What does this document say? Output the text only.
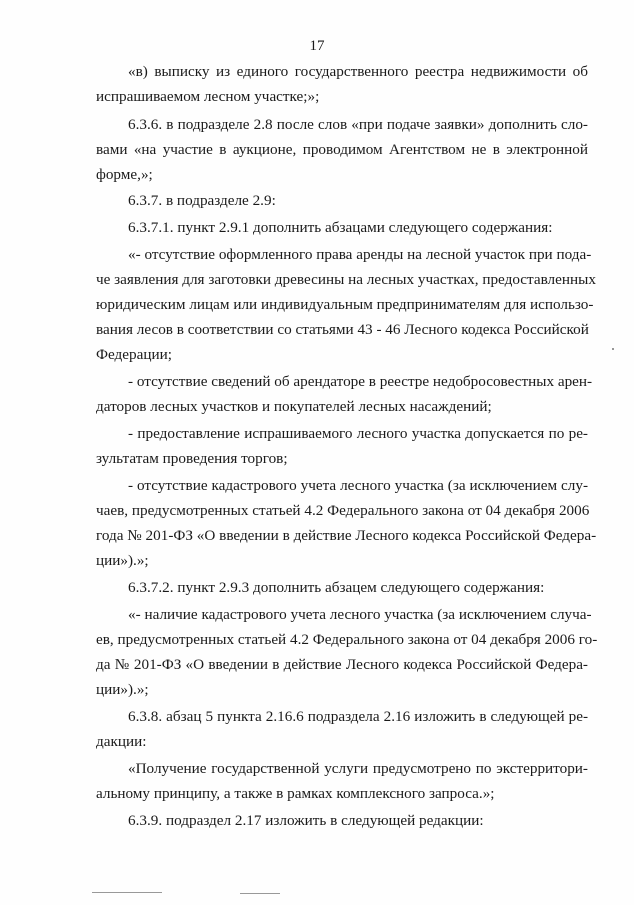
17
«в) выписку из единого государственного реестра недвижимости об
испрашиваемом лесном участке;»;
6.3.6. в подразделе 2.8 после слов «при подаче заявки» дополнить сло-
вами «на участие в аукционе, проводимом Агентством не в электронной
форме,»;
6.3.7. в подразделе 2.9:
6.3.7.1. пункт 2.9.1 дополнить абзацами следующего содержания:
«- отсутствие оформленного права аренды на лесной участок при пода-
че заявления для заготовки древесины на лесных участках, предоставленных
юридическим лицам или индивидуальным предпринимателям для использо-
вания лесов в соответствии со статьями 43 - 46 Лесного кодекса Российской
Федерации;
- отсутствие сведений об арендаторе в реестре недобросовестных арен-
даторов лесных участков и покупателей лесных насаждений;
- предоставление испрашиваемого лесного участка допускается по ре-
зультатам проведения торгов;
- отсутствие кадастрового учета лесного участка (за исключением слу-
чаев, предусмотренных статьей 4.2 Федерального закона от 04 декабря 2006
года № 201-ФЗ «О введении в действие Лесного кодекса Российской Федера-
ции»).»;
6.3.7.2. пункт 2.9.3 дополнить абзацем следующего содержания:
«- наличие кадастрового учета лесного участка (за исключением случа-
ев, предусмотренных статьей 4.2 Федерального закона от 04 декабря 2006 го-
да № 201-ФЗ «О введении в действие Лесного кодекса Российской Федера-
ции»).»;
6.3.8. абзац 5 пункта 2.16.6 подраздела 2.16 изложить в следующей ре-
дакции:
«Получение государственной услуги предусмотрено по экстерритори-
альному принципу, а также в рамках комплексного запроса.»;
6.3.9. подраздел 2.17 изложить в следующей редакции:
